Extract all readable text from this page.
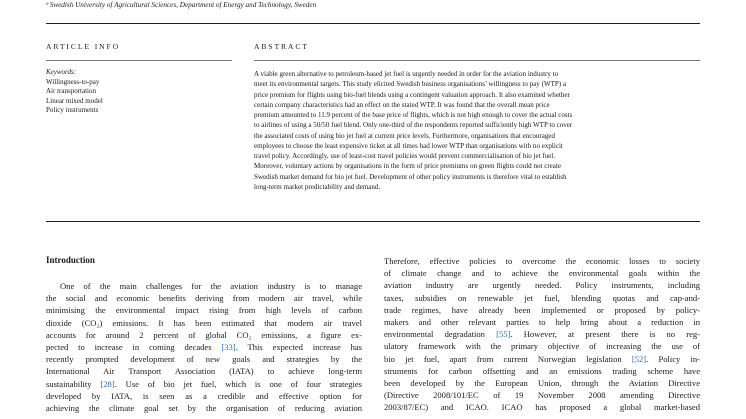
ᵇ Swedish University of Agricultural Sciences, Department of Energy and Technology, Sweden
ARTICLE INFO
Keywords:
Willingness-to-pay
Air transportation
Linear mixed model
Policy instruments
ABSTRACT

A viable green alternative to petroleum-based jet fuel is urgently needed in order for the aviation industry to

meet its environmental targets. This study elicited Swedish business organisations’ willingness to pay (WTP) a

price premium for flights using bio-fuel blends using a contingent valuation approach. It also examined whether

certain company characteristics had an effect on the stated WTP. It was found that the overall mean price

premium amounted to 11.9 percent of the base price of flights, which is not high enough to cover the actual costs

to airlines of using a 50/50 fuel blend. Only one-third of the respondents reported sufficiently high WTP to cover

the associated costs of using bio jet fuel at current price levels. Furthermore, organisations that encouraged

employees to choose the least expensive ticket at all times had lower WTP than organisations with no explicit

travel policy. Accordingly, use of least-cost travel policies would prevent commercialisation of bio jet fuel.

Moreover, voluntary actions by organisations in the form of price premiums on green flights could not create

Swedish market demand for bio jet fuel. Development of other policy instruments is therefore vital to establish

long-term market predictability and demand.

Introduction
One of the main challenges for the aviation industry is to manage
the social and economic benefits deriving from modern air travel, while
minimising the environmental impact rising from high levels of carbon
dioxide (CO₂) emissions. It has been estimated that modern air travel
accounts for around 2 percent of global CO₂ emissions, a figure ex-
pected to increase in coming decades [33]. This expected increase has
recently prompted development of new goals and strategies by the
International Air Transport Association (IATA) to achieve long-term
sustainability [28]. Use of bio jet fuel, which is one of four strategies
developed by IATA, is seen as a credible and effective option for
achieving the climate goal set by the organisation of reducing aviation
Therefore, effective policies to overcome the economic losses to society
of climate change and to achieve the environmental goals within the
aviation industry are urgently needed. Policy instruments, including
taxes, subsidies on renewable jet fuel, blending quotas and cap-and-
trade regimes, have already been implemented or proposed by policy-
makers and other relevant parties to help bring about a reduction in
environmental degradation [55]. However, at present there is no reg-
ulatory framework with the primary objective of increasing the use of
bio jet fuel, apart from current Norwegian legislation [52]. Policy in-
struments for carbon offsetting and an emissions trading scheme have
been developed by the European Union, through the Aviation Directive
(Directive 2008/101/EC of 19 November 2008 amending Directive
2003/87/EC) and ICAO. ICAO has proposed a global market-based
